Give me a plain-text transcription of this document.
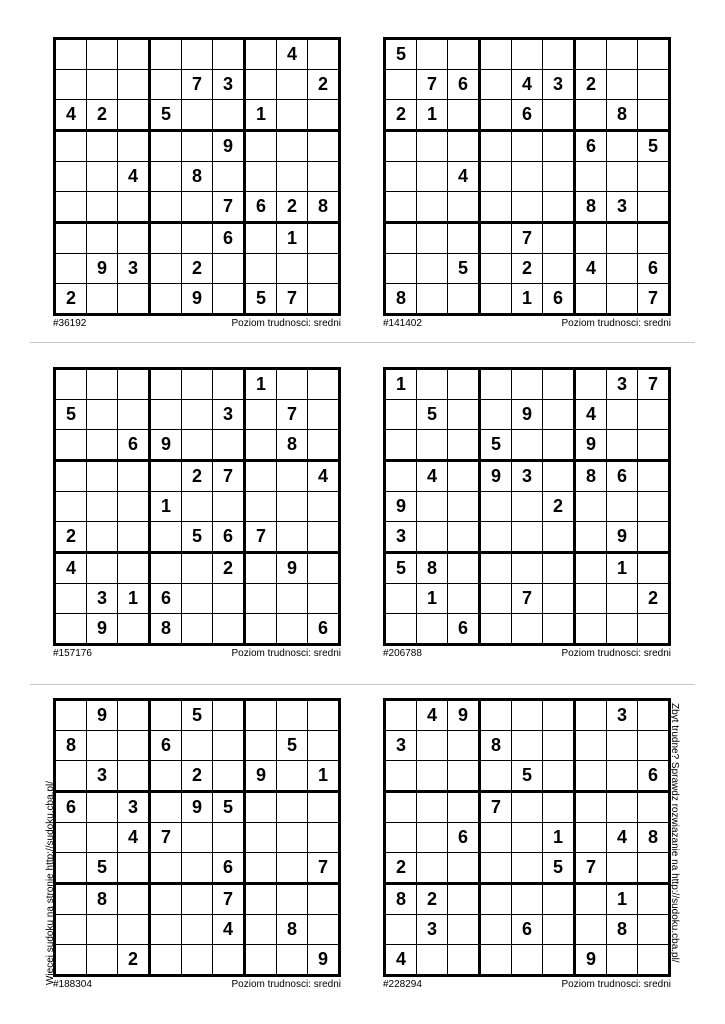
Wiecej sudoku na stronie http://sudoku.cba.pl/	Zbyt trudne? Sprawdz rozwiazanie na http://sudoku.cba.pl/
							4	
				7	3			2
4	2		5			1		
					9			
		4		8				
					7	6	2	8
					6		1	
	9	3		2				
2				9		5	7	
#36192	Poziom trudnosci: sredni
5								
	7	6		4	3	2		
2	1			6			8	
						6		5
		4						
						8	3	
				7				
		5		2		4		6
8				1	6			7
#141402	Poziom trudnosci: sredni
						1		
5					3		7	
		6	9				8	
				2	7			4
			1					
2				5	6	7		
4					2		9	
	3	1	6					
	9		8					6
#157176	Poziom trudnosci: sredni
1							3	7
	5			9		4		
			5			9		
	4		9	3		8	6	
9					2			
3							9	
5	8						1	
	1			7				2
		6						
#206788	Poziom trudnosci: sredni
	9			5				
8			6				5	
	3			2		9		1
6		3		9	5			
		4	7					
	5				6			7
	8				7			
					4		8	
		2						9
#188304	Poziom trudnosci: sredni
	4	9					3	
3			8					
				5				6
			7					
		6			1		4	8
2					5	7		
8	2						1	
	3			6			8	
4						9		
#228294	Poziom trudnosci: sredni
